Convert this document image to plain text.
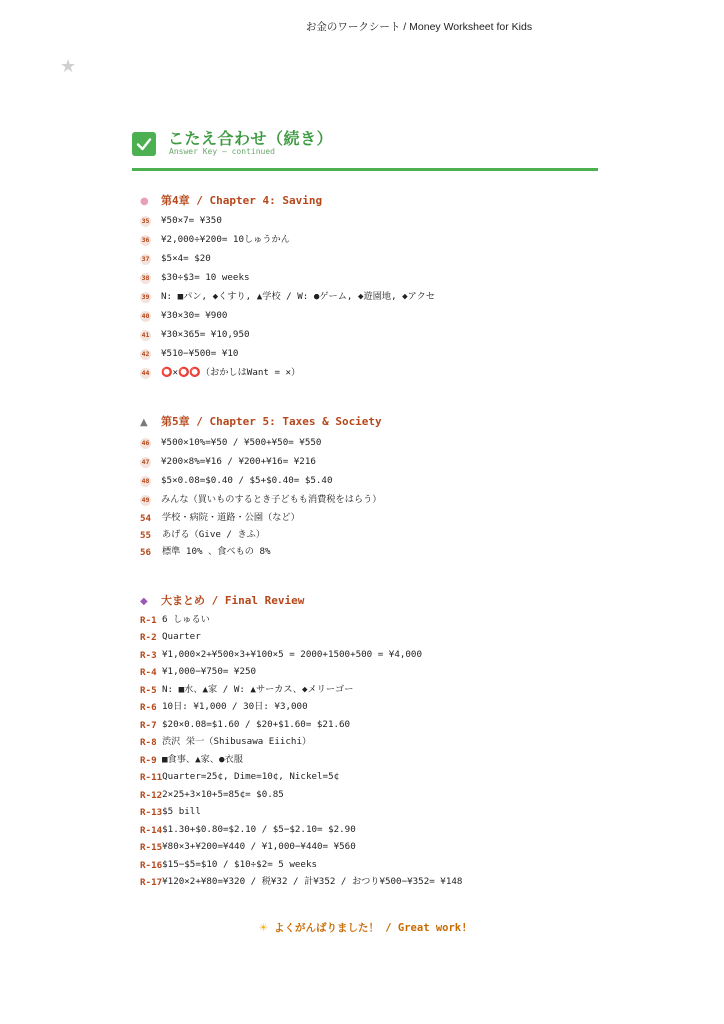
お金のワークシート / Money Worksheet for Kids
★
こたえ合わせ（続き）
Answer Key — continued
● 第4章 / Chapter 4: Saving
35 ¥50×7= ¥350
36 ¥2,000÷¥200= 10しゅうかん
37 $5×4= $20
38 $30÷$3= 10 weeks
39 N: ■パン, ◆くすり, ▲学校 / W: ●ゲーム, ◆遊園地, ◆アクセ
40 ¥30×30= ¥900
41 ¥30×365= ¥10,950
42 ¥510−¥500= ¥10
44 ⭕✕⭕⭕（おかしはWant = ✕）
▲ 第5章 / Chapter 5: Taxes & Society
46 ¥500×10%=¥50 / ¥500+¥50= ¥550
47 ¥200×8%=¥16 / ¥200+¥16= ¥216
48 $5×0.08=$0.40 / $5+$0.40= $5.40
49 みんな（買いものするとき子どもも消費税をはらう）
54 学校・病院・道路・公園（など）
55 あげる（Give / きふ）
56 標準 10% 、食べもの 8%
◆ 大まとめ / Final Review
R-1 6 しゅるい
R-2 Quarter
R-3 ¥1,000×2+¥500×3+¥100×5 = 2000+1500+500 = ¥4,000
R-4 ¥1,000−¥750= ¥250
R-5 N: ■水、▲家 / W: ▲サーカス、◆メリーゴー
R-6 10日: ¥1,000 / 30日: ¥3,000
R-7 $20×0.08=$1.60 / $20+$1.60= $21.60
R-8 渋沢 栄一（Shibusawa Eiichi）
R-9 ■食事、▲家、●衣服
R-11Quarter=25¢, Dime=10¢, Nickel=5¢
R-122×25+3×10+5=85¢= $0.85
R-13$5 bill
R-14$1.30+$0.80=$2.10 / $5−$2.10= $2.90
R-15¥80×3+¥200=¥440 / ¥1,000−¥440= ¥560
R-16$15−$5=$10 / $10÷$2= 5 weeks
R-17¥120×2+¥80=¥320 / 税¥32 / 計¥352 / おつり¥500−¥352= ¥148
☀ よくがんばりました！ / Great work!
